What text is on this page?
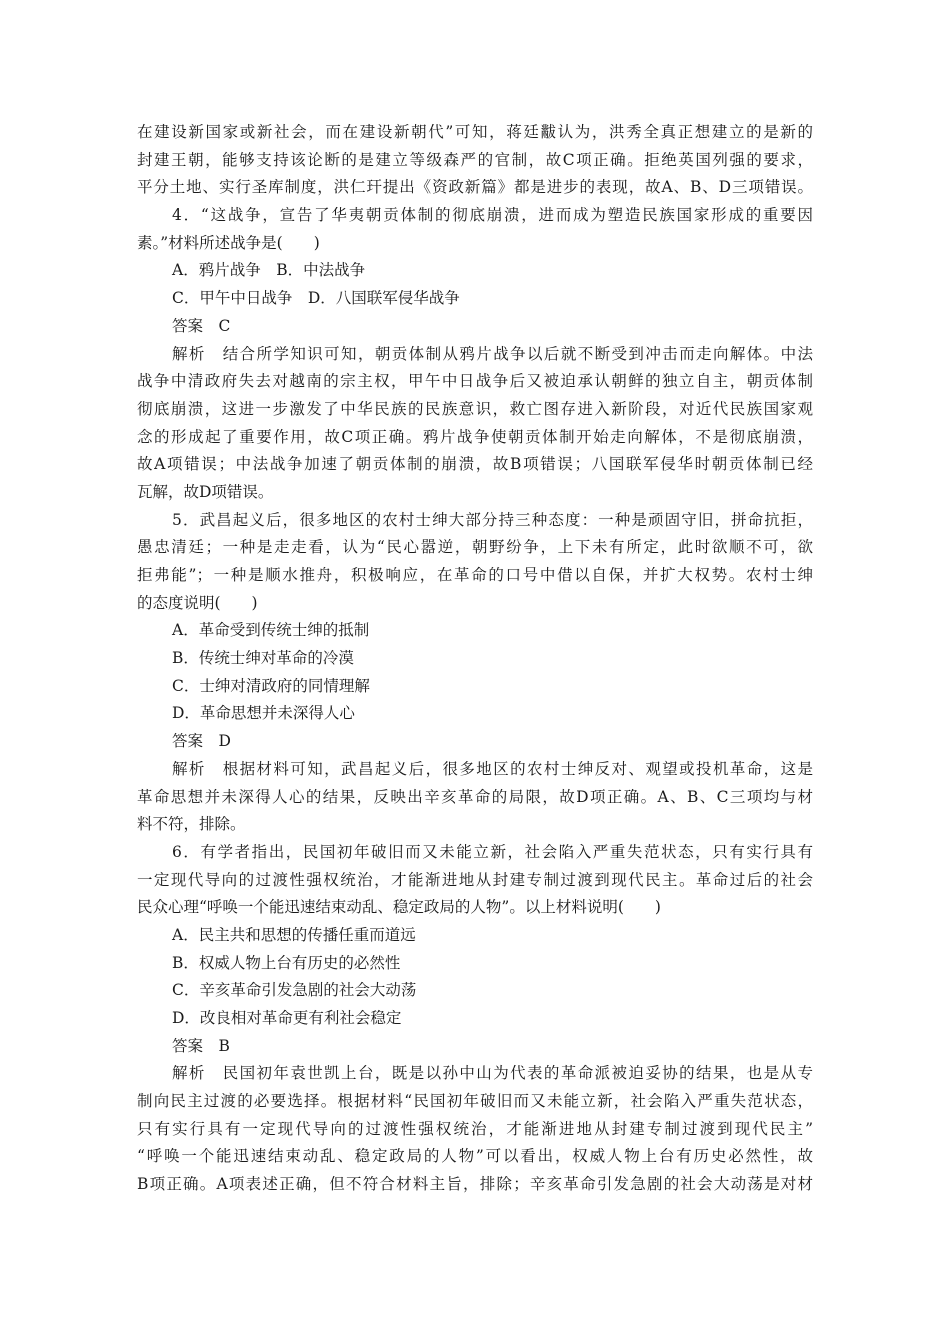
在建设新国家或新社会，而在建设新朝代”可知，蒋廷黻认为，洪秀全真正想建立的是新的
封建王朝，能够支持该论断的是建立等级森严的官制，故C项正确。拒绝英国列强的要求，
平分土地、实行圣库制度，洪仁玕提出《资政新篇》都是进步的表现，故A、B、D三项错误。
4．“这战争，宣告了华夷朝贡体制的彻底崩溃，进而成为塑造民族国家形成的重要因
素。”材料所述战争是(　　)
A．鸦片战争　B．中法战争
C．甲午中日战争　D．八国联军侵华战争
答案　C
解析　结合所学知识可知，朝贡体制从鸦片战争以后就不断受到冲击而走向解体。中法
战争中清政府失去对越南的宗主权，甲午中日战争后又被迫承认朝鲜的独立自主，朝贡体制
彻底崩溃，这进一步激发了中华民族的民族意识，救亡图存进入新阶段，对近代民族国家观
念的形成起了重要作用，故C项正确。鸦片战争使朝贡体制开始走向解体，不是彻底崩溃，
故A项错误；中法战争加速了朝贡体制的崩溃，故B项错误；八国联军侵华时朝贡体制已经
瓦解，故D项错误。
5．武昌起义后，很多地区的农村士绅大部分持三种态度：一种是顽固守旧，拼命抗拒，
愚忠清廷；一种是走走看，认为“民心嚣逆，朝野纷争，上下未有所定，此时欲顺不可，欲
拒弗能”；一种是顺水推舟，积极响应，在革命的口号中借以自保，并扩大权势。农村士绅
的态度说明(　　)
A．革命受到传统士绅的抵制
B．传统士绅对革命的冷漠
C．士绅对清政府的同情理解
D．革命思想并未深得人心
答案　D
解析　根据材料可知，武昌起义后，很多地区的农村士绅反对、观望或投机革命，这是
革命思想并未深得人心的结果，反映出辛亥革命的局限，故D项正确。A、B、C三项均与材
料不符，排除。
6．有学者指出，民国初年破旧而又未能立新，社会陷入严重失范状态，只有实行具有
一定现代导向的过渡性强权统治，才能渐进地从封建专制过渡到现代民主。革命过后的社会
民众心理“呼唤一个能迅速结束动乱、稳定政局的人物”。以上材料说明(　　)
A．民主共和思想的传播任重而道远
B．权威人物上台有历史的必然性
C．辛亥革命引发急剧的社会大动荡
D．改良相对革命更有利社会稳定
答案　B
解析　民国初年袁世凯上台，既是以孙中山为代表的革命派被迫妥协的结果，也是从专
制向民主过渡的必要选择。根据材料“民国初年破旧而又未能立新，社会陷入严重失范状态，
只有实行具有一定现代导向的过渡性强权统治，才能渐进地从封建专制过渡到现代民主”
“呼唤一个能迅速结束动乱、稳定政局的人物”可以看出，权威人物上台有历史必然性，故
B项正确。A项表述正确，但不符合材料主旨，排除；辛亥革命引发急剧的社会大动荡是对材
